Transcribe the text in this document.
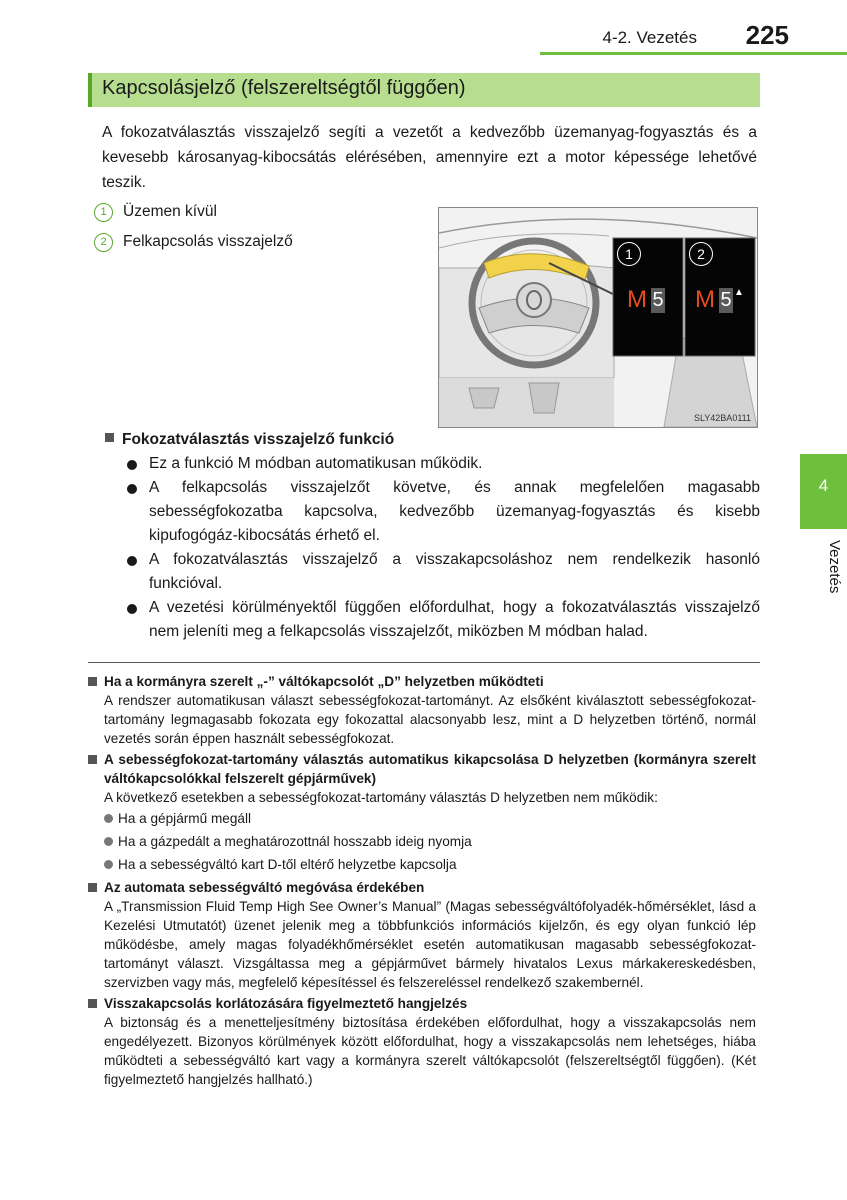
4-2. Vezetés 225
Kapcsolásjelző (felszereltségtől függően)

A fokozatválasztás visszajelző segíti a vezetőt a kedvezőbb üzemanyag-fogyasztás és a kevesebb károsanyag-kibocsátás elérésében, amennyire ezt a motor képessége lehetővé teszik.

1 Üzemen kívül
2 Felkapcsolás visszajelző
1
M 5
2
M 5 ▲
SLY42BA0111
Fokozatválasztás visszajelző funkció
Ez a funkció M módban automatikusan működik.
A felkapcsolás visszajelzőt követve, és annak megfelelően magasabb sebességfokozatba kapcsolva, kedvezőbb üzemanyag-fogyasztás és kisebb kipufogógáz-kibocsátás érhető el.
A fokozatválasztás visszajelző a visszakapcsoláshoz nem rendelkezik hasonló funkcióval.
A vezetési körülményektől függően előfordulhat, hogy a fokozatválasztás visszajelző nem jeleníti meg a felkapcsolás visszajelzőt, miközben M módban halad.
Ha a kormányra szerelt „-” váltókapcsolót „D” helyzetben működteti

A rendszer automatikusan választ sebességfokozat-tartományt. Az elsőként kiválasztott sebességfokozat-tartomány legmagasabb fokozata egy fokozattal alacsonyabb lesz, mint a D helyzetben történő, normál vezetés során éppen használt sebességfokozat.

A sebességfokozat-tartomány választás automatikus kikapcsolása D helyzetben (kormányra szerelt váltókapcsolókkal felszerelt gépjárművek)

A következő esetekben a sebességfokozat-tartomány választás D helyzetben nem működik:

Ha a gépjármű megáll
Ha a gázpedált a meghatározottnál hosszabb ideig nyomja
Ha a sebességváltó kart D-től eltérő helyzetbe kapcsolja
Az automata sebességváltó megóvása érdekében

A „Transmission Fluid Temp High See Owner’s Manual” (Magas sebességváltófolyadék-hőmérséklet, lásd a Kezelési Utmutatót) üzenet jelenik meg a többfunkciós információs kijelzőn, és egy olyan funkció lép működésbe, amely magas folyadékhőmérséklet esetén automatikusan magasabb sebességfokozat-tartományt választ. Vizsgáltassa meg a gépjárművet bármely hivatalos Lexus márkakereskedésben, szervizben vagy más, megfelelő képesítéssel és felszereléssel rendelkező szakembernél.

Visszakapcsolás korlátozására figyelmeztető hangjelzés

A biztonság és a menetteljesítmény biztosítása érdekében előfordulhat, hogy a visszakapcsolás nem engedélyezett. Bizonyos körülmények között előfordulhat, hogy a visszakapcsolás nem lehetséges, hiába működteti a sebességváltó kart vagy a kormányra szerelt váltókapcsolót (felszereltségtől függően). (Két figyelmeztető hangjelzés hallható.)

4
Vezetés
